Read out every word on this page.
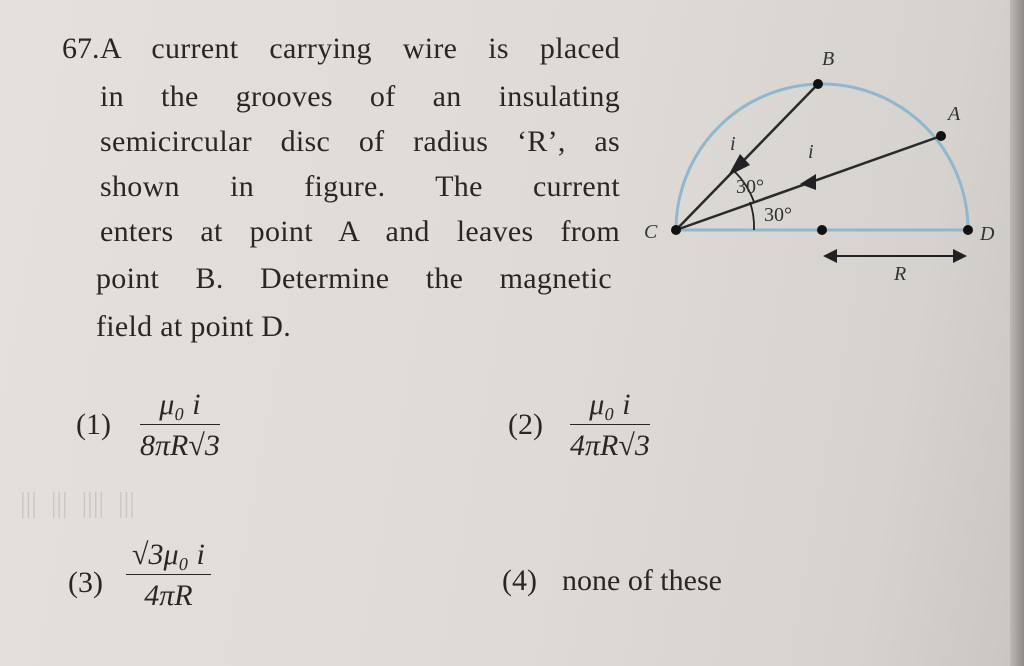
|||  |||  ||||  |||
67. A current carrying wire is placed
in the grooves of an insulating
semicircular disc of radius ‘R’, as
shown in figure. The current
enters at point A and leaves from
point B. Determine the magnetic
field at point D.
B
A
C	D
i	i
30°
30°
R
$(1) \frac{\text{μ₀ i}}{8\pi R√3}$	$(2) \frac{\text{μ₀ i}}{4\pi R√3}$
$(3) \frac{\text{√3μ₀ i}}{4\pi R}$	(4) none of these
